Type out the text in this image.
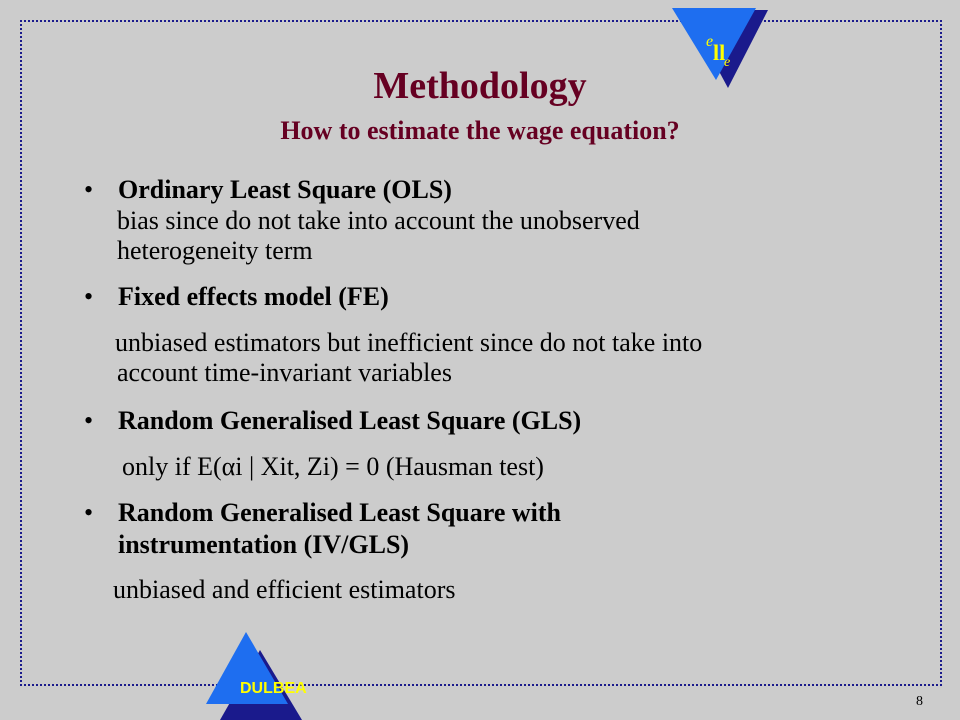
e ll
e
Methodology
How to estimate the wage equation?
• Ordinary Least Square (OLS)
bias since do not take into account the unobserved
heterogeneity term
• Fixed effects model (FE)
unbiased estimators but inefficient since do not take into
account time-invariant variables
• Random Generalised Least Square (GLS)
only if E(αi | Xit, Zi) = 0 (Hausman test)
• Random Generalised Least Square with
instrumentation (IV/GLS)
unbiased and efficient estimators
DULBEA
8
